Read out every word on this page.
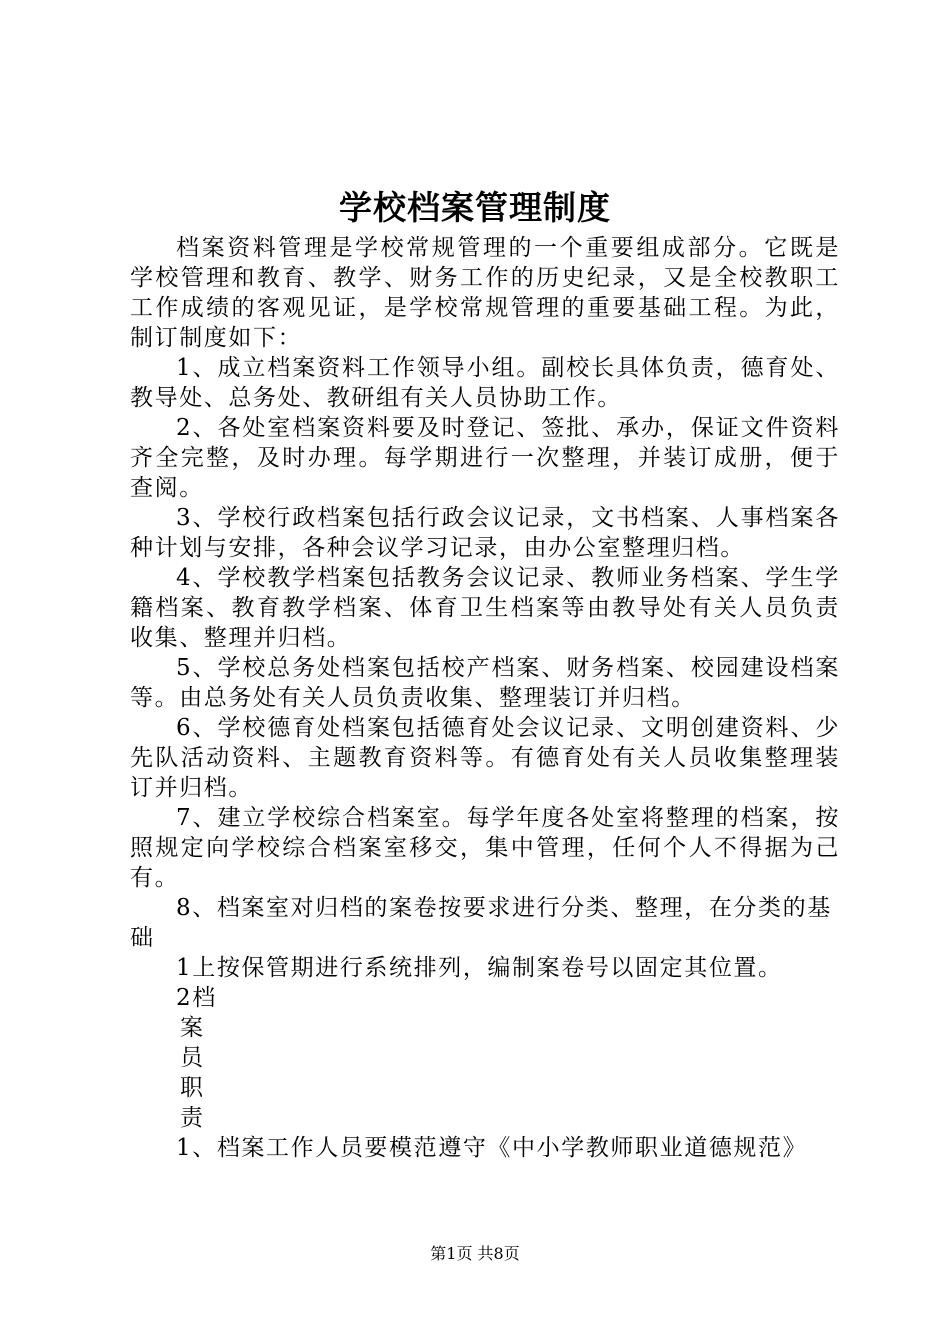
学校档案管理制度

档案资料管理是学校常规管理的一个重要组成部分。它既是学校管理和教育、教学、财务工作的历史纪录，又是全校教职工工作成绩的客观见证，是学校常规管理的重要基础工程。为此，制订制度如下：

1、成立档案资料工作领导小组。副校长具体负责，德育处、教导处、总务处、教研组有关人员协助工作。

2、各处室档案资料要及时登记、签批、承办，保证文件资料齐全完整，及时办理。每学期进行一次整理，并装订成册，便于查阅。

3、学校行政档案包括行政会议记录，文书档案、人事档案各种计划与安排，各种会议学习记录，由办公室整理归档。

4、学校教学档案包括教务会议记录、教师业务档案、学生学籍档案、教育教学档案、体育卫生档案等由教导处有关人员负责收集、整理并归档。

5、学校总务处档案包括校产档案、财务档案、校园建设档案等。由总务处有关人员负责收集、整理装订并归档。

6、学校德育处档案包括德育处会议记录、文明创建资料、少先队活动资料、主题教育资料等。有德育处有关人员收集整理装订并归档。

7、建立学校综合档案室。每学年度各处室将整理的档案，按照规定向学校综合档案室移交，集中管理，任何个人不得据为己有。

8、档案室对归档的案卷按要求进行分类、整理，在分类的基础

1上按保管期进行系统排列，编制案卷号以固定其位置。

2档

案

员

职

责

1、档案工作人员要模范遵守《中小学教师职业道德规范》

第1页 共8页
